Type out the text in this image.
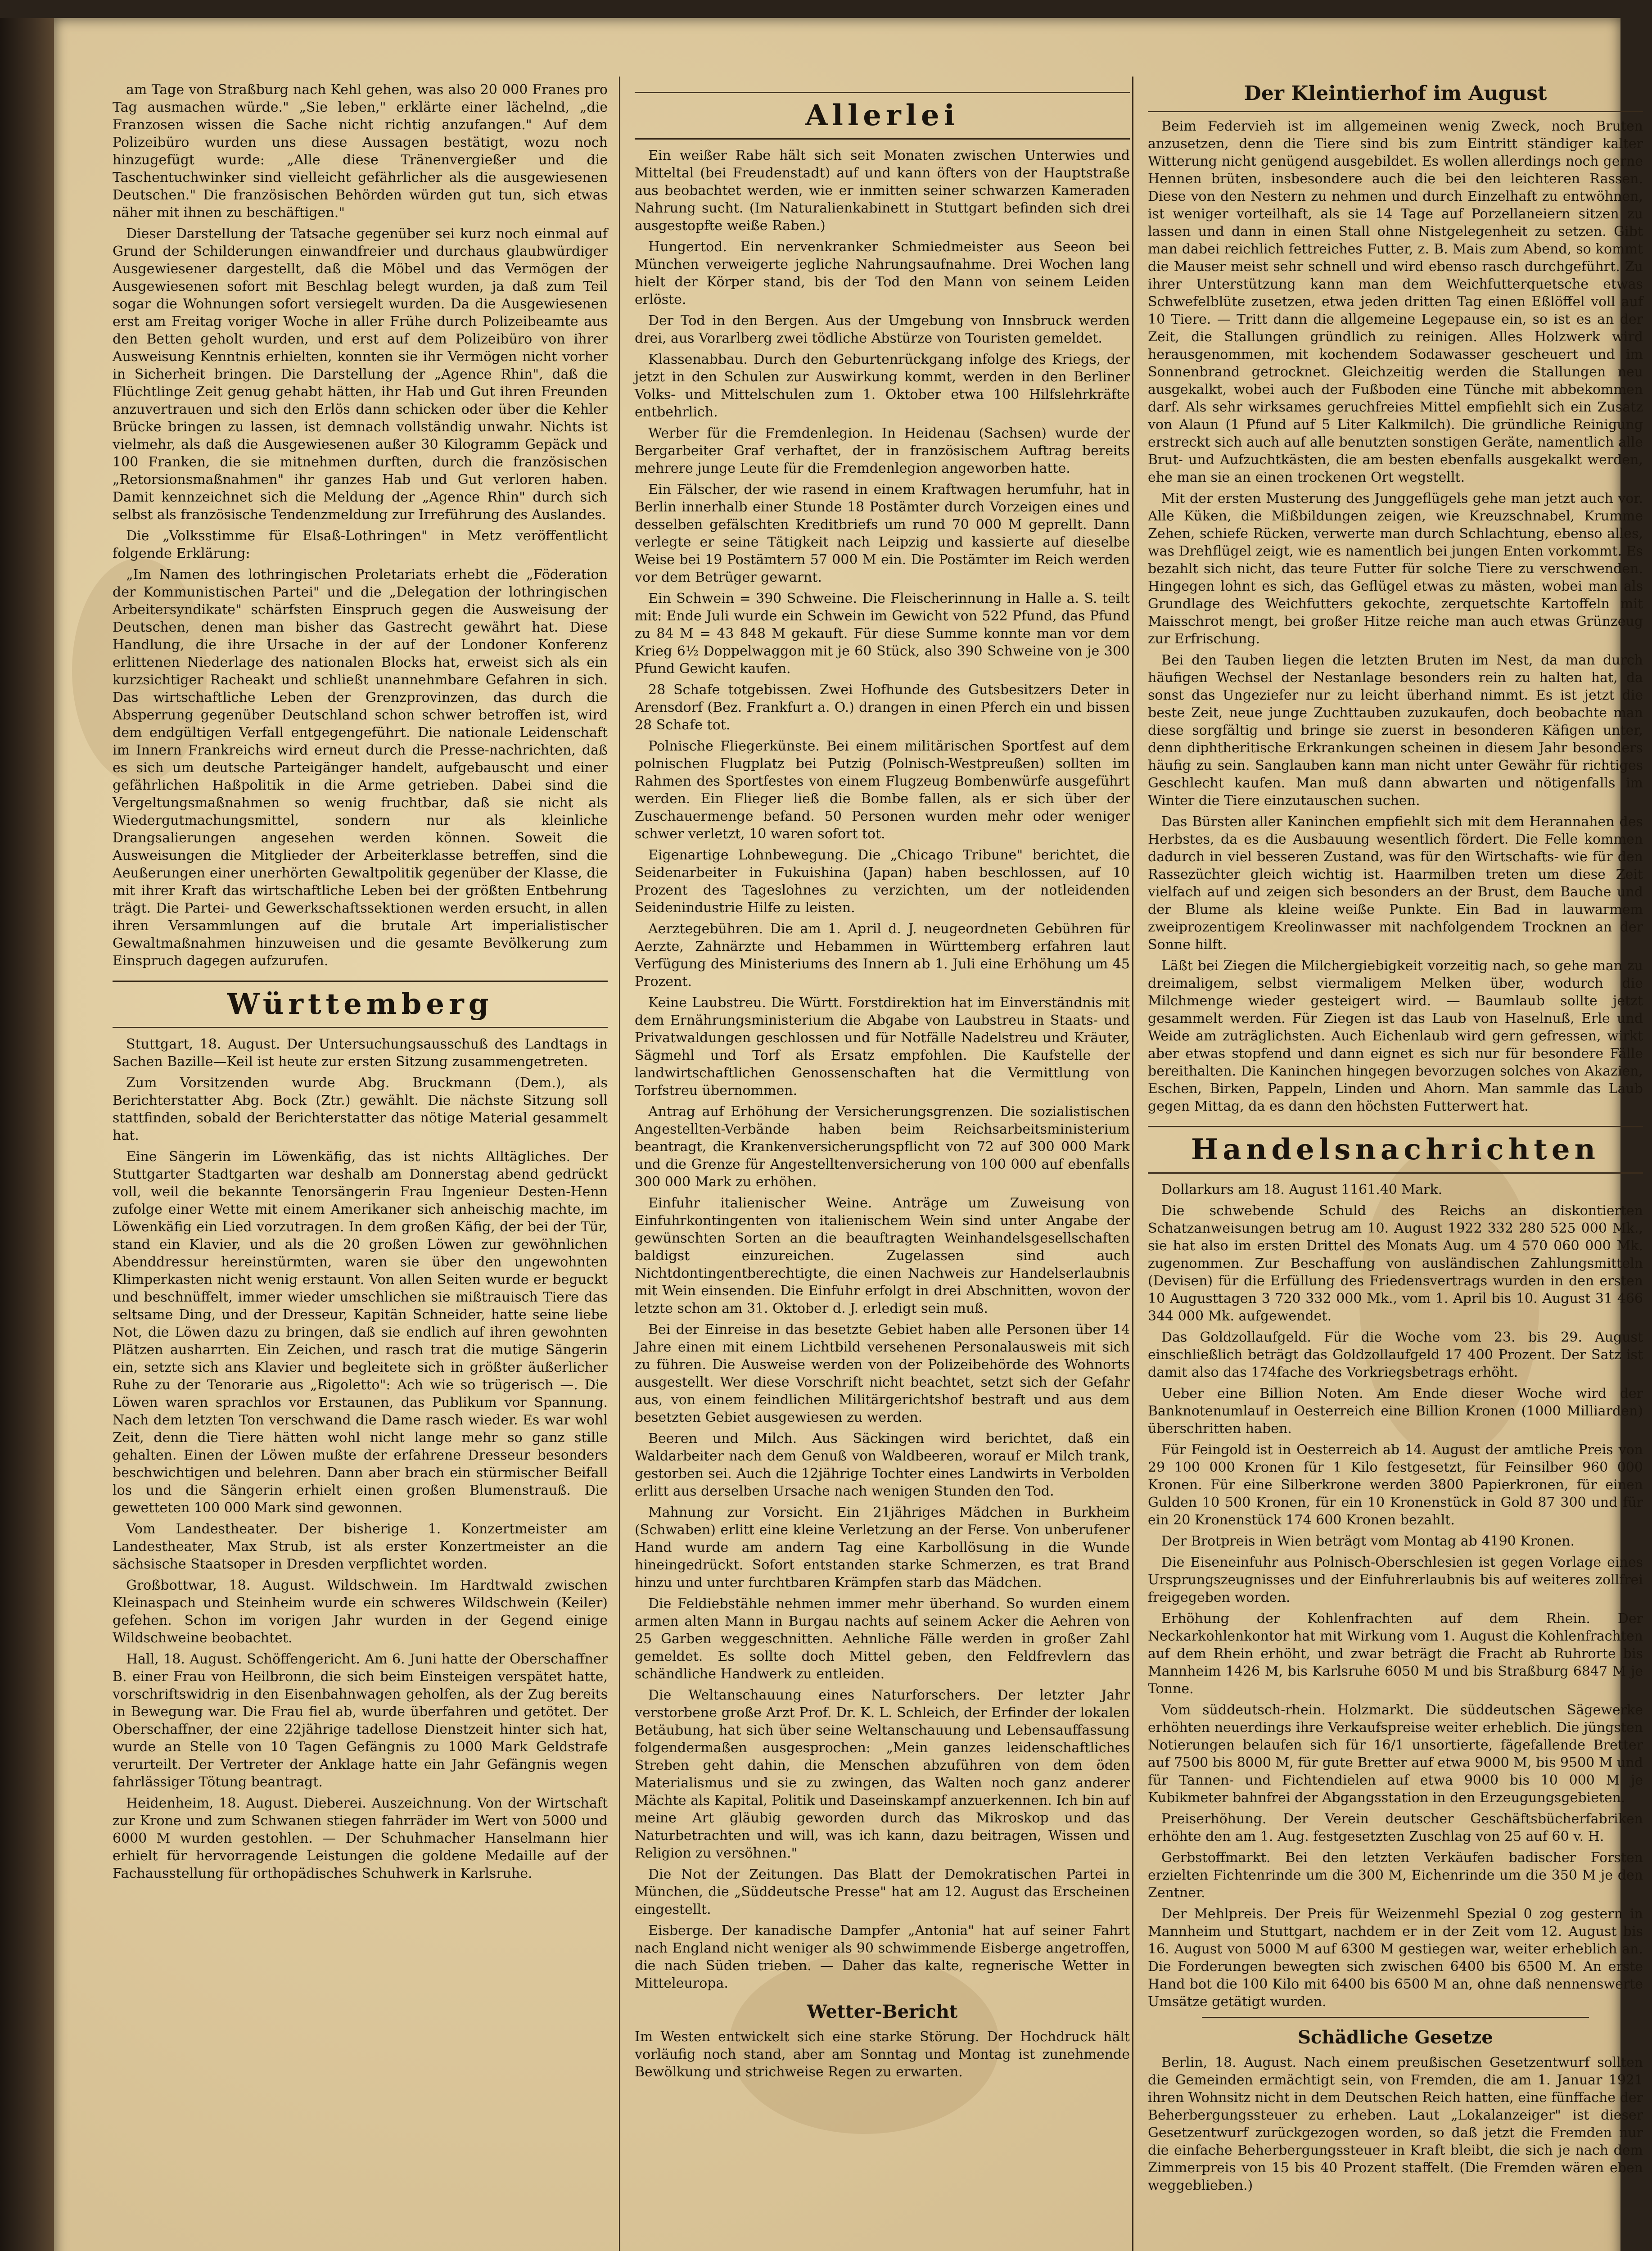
am Tage von Straßburg nach Kehl gehen, was also 20 000 Franes pro Tag ausmachen würde." „Sie leben," erklärte einer lächelnd, „die Franzosen wissen die Sache nicht richtig anzufangen." Auf dem Polizeibüro wurden uns diese Aussagen bestätigt, wozu noch hinzugefügt wurde: „Alle diese Tränenvergießer und die Taschentuchwinker sind vielleicht gefährlicher als die ausgewiesenen Deutschen." Die französischen Behörden würden gut tun, sich etwas näher mit ihnen zu beschäftigen."

Dieser Darstellung der Tatsache gegenüber sei kurz noch einmal auf Grund der Schilderungen einwandfreier und durchaus glaubwürdiger Ausgewiesener dargestellt, daß die Möbel und das Vermögen der Ausgewiesenen sofort mit Beschlag belegt wurden, ja daß zum Teil sogar die Wohnungen sofort versiegelt wurden. Da die Ausgewiesenen erst am Freitag voriger Woche in aller Frühe durch Polizeibeamte aus den Betten geholt wurden, und erst auf dem Polizeibüro von ihrer Ausweisung Kenntnis erhielten, konnten sie ihr Vermögen nicht vorher in Sicherheit bringen. Die Darstellung der „Agence Rhin", daß die Flüchtlinge Zeit genug gehabt hätten, ihr Hab und Gut ihren Freunden anzuvertrauen und sich den Erlös dann schicken oder über die Kehler Brücke bringen zu lassen, ist demnach vollständig unwahr. Nichts ist vielmehr, als daß die Ausgewiesenen außer 30 Kilogramm Gepäck und 100 Franken, die sie mitnehmen durften, durch die französischen „Retorsionsmaßnahmen" ihr ganzes Hab und Gut verloren haben. Damit kennzeichnet sich die Meldung der „Agence Rhin" durch sich selbst als französische Tendenzmeldung zur Irreführung des Auslandes.

Die „Volksstimme für Elsaß-Lothringen" in Metz veröffentlicht folgende Erklärung:

„Im Namen des lothringischen Proletariats erhebt die „Föderation der Kommunistischen Partei" und die „Delegation der lothringischen Arbeitersyndikate" schärfsten Einspruch gegen die Ausweisung der Deutschen, denen man bisher das Gastrecht gewährt hat. Diese Handlung, die ihre Ursache in der auf der Londoner Konferenz erlittenen Niederlage des nationalen Blocks hat, erweist sich als ein kurzsichtiger Racheakt und schließt unannehmbare Gefahren in sich. Das wirtschaftliche Leben der Grenzprovinzen, das durch die Absperrung gegenüber Deutschland schon schwer betroffen ist, wird dem endgültigen Verfall entgegengeführt. Die nationale Leidenschaft im Innern Frankreichs wird erneut durch die Presse-nachrichten, daß es sich um deutsche Parteigänger handelt, aufgebauscht und einer gefährlichen Haßpolitik in die Arme getrieben. Dabei sind die Vergeltungsmaßnahmen so wenig fruchtbar, daß sie nicht als Wiedergutmachungsmittel, sondern nur als kleinliche Drangsalierungen angesehen werden können. Soweit die Ausweisungen die Mitglieder der Arbeiterklasse betreffen, sind die Aeußerungen einer unerhörten Gewaltpolitik gegenüber der Klasse, die mit ihrer Kraft das wirtschaftliche Leben bei der größten Entbehrung trägt. Die Partei- und Gewerkschaftssektionen werden ersucht, in allen ihren Versammlungen auf die brutale Art imperialistischer Gewaltmaßnahmen hinzuweisen und die gesamte Bevölkerung zum Einspruch dagegen aufzurufen.

Württemberg

Stuttgart, 18. August. Der Untersuchungsausschuß des Landtags in Sachen Bazille—Keil ist heute zur ersten Sitzung zusammengetreten.

Zum Vorsitzenden wurde Abg. Bruckmann (Dem.), als Berichterstatter Abg. Bock (Ztr.) gewählt. Die nächste Sitzung soll stattfinden, sobald der Berichterstatter das nötige Material gesammelt hat.

Eine Sängerin im Löwenkäfig, das ist nichts Alltägliches. Der Stuttgarter Stadtgarten war deshalb am Donnerstag abend gedrückt voll, weil die bekannte Tenorsängerin Frau Ingenieur Desten-Henn zufolge einer Wette mit einem Amerikaner sich anheischig machte, im Löwenkäfig ein Lied vorzutragen. In dem großen Käfig, der bei der Tür, stand ein Klavier, und als die 20 großen Löwen zur gewöhnlichen Abenddressur hereinstürmten, waren sie über den ungewohnten Klimperkasten nicht wenig erstaunt. Von allen Seiten wurde er beguckt und beschnüffelt, immer wieder umschlichen sie mißtrauisch Tiere das seltsame Ding, und der Dresseur, Kapitän Schneider, hatte seine liebe Not, die Löwen dazu zu bringen, daß sie endlich auf ihren gewohnten Plätzen ausharrten. Ein Zeichen, und rasch trat die mutige Sängerin ein, setzte sich ans Klavier und begleitete sich in größter äußerlicher Ruhe zu der Tenorarie aus „Rigoletto": Ach wie so trügerisch —. Die Löwen waren sprachlos vor Erstaunen, das Publikum vor Spannung. Nach dem letzten Ton verschwand die Dame rasch wieder. Es war wohl Zeit, denn die Tiere hätten wohl nicht lange mehr so ganz stille gehalten. Einen der Löwen mußte der erfahrene Dresseur besonders beschwichtigen und belehren. Dann aber brach ein stürmischer Beifall los und die Sängerin erhielt einen großen Blumenstrauß. Die gewetteten 100 000 Mark sind gewonnen.

Vom Landestheater. Der bisherige 1. Konzertmeister am Landestheater, Max Strub, ist als erster Konzertmeister an die sächsische Staatsoper in Dresden verpflichtet worden.

Großbottwar, 18. August. Wildschwein. Im Hardtwald zwischen Kleinaspach und Steinheim wurde ein schweres Wildschwein (Keiler) gefehen. Schon im vorigen Jahr wurden in der Gegend einige Wildschweine beobachtet.

Hall, 18. August. Schöffengericht. Am 6. Juni hatte der Oberschaffner B. einer Frau von Heilbronn, die sich beim Einsteigen verspätet hatte, vorschriftswidrig in den Eisenbahnwagen geholfen, als der Zug bereits in Bewegung war. Die Frau fiel ab, wurde überfahren und getötet. Der Oberschaffner, der eine 22jährige tadellose Dienstzeit hinter sich hat, wurde an Stelle von 10 Tagen Gefängnis zu 1000 Mark Geldstrafe verurteilt. Der Vertreter der Anklage hatte ein Jahr Gefängnis wegen fahrlässiger Tötung beantragt.

Heidenheim, 18. August. Dieberei. Auszeichnung. Von der Wirtschaft zur Krone und zum Schwanen stiegen fahrräder im Wert von 5000 und 6000 M wurden gestohlen. — Der Schuhmacher Hanselmann hier erhielt für hervorragende Leistungen die goldene Medaille auf der Fachausstellung für orthopädisches Schuhwerk in Karlsruhe.

Allerlei

Ein weißer Rabe hält sich seit Monaten zwischen Unterwies und Mitteltal (bei Freudenstadt) auf und kann öfters von der Hauptstraße aus beobachtet werden, wie er inmitten seiner schwarzen Kameraden Nahrung sucht. (Im Naturalienkabinett in Stuttgart befinden sich drei ausgestopfte weiße Raben.)

Hungertod. Ein nervenkranker Schmiedmeister aus Seeon bei München verweigerte jegliche Nahrungsaufnahme. Drei Wochen lang hielt der Körper stand, bis der Tod den Mann von seinem Leiden erlöste.

Der Tod in den Bergen. Aus der Umgebung von Innsbruck werden drei, aus Vorarlberg zwei tödliche Abstürze von Touristen gemeldet.

Klassenabbau. Durch den Geburtenrückgang infolge des Kriegs, der jetzt in den Schulen zur Auswirkung kommt, werden in den Berliner Volks- und Mittelschulen zum 1. Oktober etwa 100 Hilfslehrkräfte entbehrlich.

Werber für die Fremdenlegion. In Heidenau (Sachsen) wurde der Bergarbeiter Graf verhaftet, der in französischem Auftrag bereits mehrere junge Leute für die Fremdenlegion angeworben hatte.

Ein Fälscher, der wie rasend in einem Kraftwagen herumfuhr, hat in Berlin innerhalb einer Stunde 18 Postämter durch Vorzeigen eines und desselben gefälschten Kreditbriefs um rund 70 000 M geprellt. Dann verlegte er seine Tätigkeit nach Leipzig und kassierte auf dieselbe Weise bei 19 Postämtern 57 000 M ein. Die Postämter im Reich werden vor dem Betrüger gewarnt.

Ein Schwein = 390 Schweine. Die Fleischerinnung in Halle a. S. teilt mit: Ende Juli wurde ein Schwein im Gewicht von 522 Pfund, das Pfund zu 84 M = 43 848 M gekauft. Für diese Summe konnte man vor dem Krieg 6½ Doppelwaggon mit je 60 Stück, also 390 Schweine von je 300 Pfund Gewicht kaufen.

28 Schafe totgebissen. Zwei Hofhunde des Gutsbesitzers Deter in Arensdorf (Bez. Frankfurt a. O.) drangen in einen Pferch ein und bissen 28 Schafe tot.

Polnische Fliegerkünste. Bei einem militärischen Sportfest auf dem polnischen Flugplatz bei Putzig (Polnisch-Westpreußen) sollten im Rahmen des Sportfestes von einem Flugzeug Bombenwürfe ausgeführt werden. Ein Flieger ließ die Bombe fallen, als er sich über der Zuschauermenge befand. 50 Personen wurden mehr oder weniger schwer verletzt, 10 waren sofort tot.

Eigenartige Lohnbewegung. Die „Chicago Tribune" berichtet, die Seidenarbeiter in Fukuishina (Japan) haben beschlossen, auf 10 Prozent des Tageslohnes zu verzichten, um der notleidenden Seidenindustrie Hilfe zu leisten.

Aerztegebühren. Die am 1. April d. J. neugeordneten Gebühren für Aerzte, Zahnärzte und Hebammen in Württemberg erfahren laut Verfügung des Ministeriums des Innern ab 1. Juli eine Erhöhung um 45 Prozent.

Keine Laubstreu. Die Württ. Forstdirektion hat im Einverständnis mit dem Ernährungsministerium die Abgabe von Laubstreu in Staats- und Privatwaldungen geschlossen und für Notfälle Nadelstreu und Kräuter, Sägmehl und Torf als Ersatz empfohlen. Die Kaufstelle der landwirtschaftlichen Genossenschaften hat die Vermittlung von Torfstreu übernommen.

Antrag auf Erhöhung der Versicherungsgrenzen. Die sozialistischen Angestellten-Verbände haben beim Reichsarbeitsministerium beantragt, die Krankenversicherungspflicht von 72 auf 300 000 Mark und die Grenze für Angestelltenversicherung von 100 000 auf ebenfalls 300 000 Mark zu erhöhen.

Einfuhr italienischer Weine. Anträge um Zuweisung von Einfuhrkontingenten von italienischem Wein sind unter Angabe der gewünschten Sorten an die beauftragten Weinhandelsgesellschaften baldigst einzureichen. Zugelassen sind auch Nichtdontingentberechtigte, die einen Nachweis zur Handelserlaubnis mit Wein einsenden. Die Einfuhr erfolgt in drei Abschnitten, wovon der letzte schon am 31. Oktober d. J. erledigt sein muß.

Bei der Einreise in das besetzte Gebiet haben alle Personen über 14 Jahre einen mit einem Lichtbild versehenen Personalausweis mit sich zu führen. Die Ausweise werden von der Polizeibehörde des Wohnorts ausgestellt. Wer diese Vorschrift nicht beachtet, setzt sich der Gefahr aus, von einem feindlichen Militärgerichtshof bestraft und aus dem besetzten Gebiet ausgewiesen zu werden.

Beeren und Milch. Aus Säckingen wird berichtet, daß ein Waldarbeiter nach dem Genuß von Waldbeeren, worauf er Milch trank, gestorben sei. Auch die 12jährige Tochter eines Landwirts in Verbolden erlitt aus derselben Ursache nach wenigen Stunden den Tod.

Mahnung zur Vorsicht. Ein 21jähriges Mädchen in Burkheim (Schwaben) erlitt eine kleine Verletzung an der Ferse. Von unberufener Hand wurde am andern Tag eine Karbollösung in die Wunde hineingedrückt. Sofort entstanden starke Schmerzen, es trat Brand hinzu und unter furchtbaren Krämpfen starb das Mädchen.

Die Feldiebstähle nehmen immer mehr überhand. So wurden einem armen alten Mann in Burgau nachts auf seinem Acker die Aehren von 25 Garben weggeschnitten. Aehnliche Fälle werden in großer Zahl gemeldet. Es sollte doch Mittel geben, den Feldfrevlern das schändliche Handwerk zu entleiden.

Die Weltanschauung eines Naturforschers. Der letzter Jahr verstorbene große Arzt Prof. Dr. K. L. Schleich, der Erfinder der lokalen Betäubung, hat sich über seine Weltanschauung und Lebensauffassung folgendermaßen ausgesprochen: „Mein ganzes leidenschaftliches Streben geht dahin, die Menschen abzuführen von dem öden Materialismus und sie zu zwingen, das Walten noch ganz anderer Mächte als Kapital, Politik und Daseinskampf anzuerkennen. Ich bin auf meine Art gläubig geworden durch das Mikroskop und das Naturbetrachten und will, was ich kann, dazu beitragen, Wissen und Religion zu versöhnen."

Die Not der Zeitungen. Das Blatt der Demokratischen Partei in München, die „Süddeutsche Presse" hat am 12. August das Erscheinen eingestellt.

Eisberge. Der kanadische Dampfer „Antonia" hat auf seiner Fahrt nach England nicht weniger als 90 schwimmende Eisberge angetroffen, die nach Süden trieben. — Daher das kalte, regnerische Wetter in Mitteleuropa.

Wetter-Bericht

Im Westen entwickelt sich eine starke Störung. Der Hochdruck hält vorläufig noch stand, aber am Sonntag und Montag ist zunehmende Bewölkung und strichweise Regen zu erwarten.

Der Kleintierhof im August

Beim Federvieh ist im allgemeinen wenig Zweck, noch Bruten anzusetzen, denn die Tiere sind bis zum Eintritt ständiger kalter Witterung nicht genügend ausgebildet. Es wollen allerdings noch gerne Hennen brüten, insbesondere auch die bei den leichteren Rassen. Diese von den Nestern zu nehmen und durch Einzelhaft zu entwöhnen, ist weniger vorteilhaft, als sie 14 Tage auf Porzellaneiern sitzen zu lassen und dann in einen Stall ohne Nistgelegenheit zu setzen. Gibt man dabei reichlich fettreiches Futter, z. B. Mais zum Abend, so kommt die Mauser meist sehr schnell und wird ebenso rasch durchgeführt. Zu ihrer Unterstützung kann man dem Weichfutterquetsche etwas Schwefelblüte zusetzen, etwa jeden dritten Tag einen Eßlöffel voll auf 10 Tiere. — Tritt dann die allgemeine Legepause ein, so ist es an der Zeit, die Stallungen gründlich zu reinigen. Alles Holzwerk wird herausgenommen, mit kochendem Sodawasser gescheuert und im Sonnenbrand getrocknet. Gleichzeitig werden die Stallungen neu ausgekalkt, wobei auch der Fußboden eine Tünche mit abbekommen darf. Als sehr wirksames geruchfreies Mittel empfiehlt sich ein Zusatz von Alaun (1 Pfund auf 5 Liter Kalkmilch). Die gründliche Reinigung erstreckt sich auch auf alle benutzten sonstigen Geräte, namentlich alle Brut- und Aufzuchtkästen, die am besten ebenfalls ausgekalkt werden, ehe man sie an einen trockenen Ort wegstellt.

Mit der ersten Musterung des Junggeflügels gehe man jetzt auch vor. Alle Küken, die Mißbildungen zeigen, wie Kreuzschnabel, Krumme Zehen, schiefe Rücken, verwerte man durch Schlachtung, ebenso alles, was Drehflügel zeigt, wie es namentlich bei jungen Enten vorkommt. Es bezahlt sich nicht, das teure Futter für solche Tiere zu verschwenden. Hingegen lohnt es sich, das Geflügel etwas zu mästen, wobei man als Grundlage des Weichfutters gekochte, zerquetschte Kartoffeln mit Maisschrot mengt, bei großer Hitze reiche man auch etwas Grünzeug zur Erfrischung.

Bei den Tauben liegen die letzten Bruten im Nest, da man durch häufigen Wechsel der Nestanlage besonders rein zu halten hat, da sonst das Ungeziefer nur zu leicht überhand nimmt. Es ist jetzt die beste Zeit, neue junge Zuchttauben zuzukaufen, doch beobachte man diese sorgfältig und bringe sie zuerst in besonderen Käfigen unter, denn diphtheritische Erkrankungen scheinen in diesem Jahr besonders häufig zu sein. Sanglauben kann man nicht unter Gewähr für richtiges Geschlecht kaufen. Man muß dann abwarten und nötigenfalls im Winter die Tiere einzutauschen suchen.

Das Bürsten aller Kaninchen empfiehlt sich mit dem Herannahen des Herbstes, da es die Ausbauung wesentlich fördert. Die Felle kommen dadurch in viel besseren Zustand, was für den Wirtschafts- wie für den Rassezüchter gleich wichtig ist. Haarmilben treten um diese Zeit vielfach auf und zeigen sich besonders an der Brust, dem Bauche und der Blume als kleine weiße Punkte. Ein Bad in lauwarmem zweiprozentigem Kreolinwasser mit nachfolgendem Trocknen an der Sonne hilft.

Läßt bei Ziegen die Milchergiebigkeit vorzeitig nach, so gehe man zu dreimaligem, selbst viermaligem Melken über, wodurch die Milchmenge wieder gesteigert wird. — Baumlaub sollte jetzt gesammelt werden. Für Ziegen ist das Laub von Haselnuß, Erle und Weide am zuträglichsten. Auch Eichenlaub wird gern gefressen, wirkt aber etwas stopfend und dann eignet es sich nur für besondere Fälle bereithalten. Die Kaninchen hingegen bevorzugen solches von Akazien, Eschen, Birken, Pappeln, Linden und Ahorn. Man sammle das Laub gegen Mittag, da es dann den höchsten Futterwert hat.

Handelsnachrichten

Dollarkurs am 18. August 1161.40 Mark.

Die schwebende Schuld des Reichs an diskontierten Schatzanweisungen betrug am 10. August 1922 332 280 525 000 Mk., sie hat also im ersten Drittel des Monats Aug. um 4 570 060 000 Mk. zugenommen. Zur Beschaffung von ausländischen Zahlungsmitteln (Devisen) für die Erfüllung des Friedensvertrags wurden in den ersten 10 Augusttagen 3 720 332 000 Mk., vom 1. April bis 10. August 31 466 344 000 Mk. aufgewendet.

Das Goldzollaufgeld. Für die Woche vom 23. bis 29. August einschließlich beträgt das Goldzollaufgeld 17 400 Prozent. Der Satz ist damit also das 174fache des Vorkriegsbetrags erhöht.

Ueber eine Billion Noten. Am Ende dieser Woche wird der Banknotenumlauf in Oesterreich eine Billion Kronen (1000 Milliarden) überschritten haben.

Für Feingold ist in Oesterreich ab 14. August der amtliche Preis von 29 100 000 Kronen für 1 Kilo festgesetzt, für Feinsilber 960 000 Kronen. Für eine Silberkrone werden 3800 Papierkronen, für einen Gulden 10 500 Kronen, für ein 10 Kronenstück in Gold 87 300 und für ein 20 Kronenstück 174 600 Kronen bezahlt.

Der Brotpreis in Wien beträgt vom Montag ab 4190 Kronen.

Die Eiseneinfuhr aus Polnisch-Oberschlesien ist gegen Vorlage eines Ursprungszeugnisses und der Einfuhrerlaubnis bis auf weiteres zollfrei freigegeben worden.

Erhöhung der Kohlenfrachten auf dem Rhein. Der Neckarkohlenkontor hat mit Wirkung vom 1. August die Kohlenfrachten auf dem Rhein erhöht, und zwar beträgt die Fracht ab Ruhrorte bis Mannheim 1426 M, bis Karlsruhe 6050 M und bis Straßburg 6847 M je Tonne.

Vom süddeutsch-rhein. Holzmarkt. Die süddeutschen Sägewerke erhöhten neuerdings ihre Verkaufspreise weiter erheblich. Die jüngsten Notierungen belaufen sich für 16/1 unsortierte, fägefallende Bretter auf 7500 bis 8000 M, für gute Bretter auf etwa 9000 M, bis 9500 M und für Tannen- und Fichtendielen auf etwa 9000 bis 10 000 M je Kubikmeter bahnfrei der Abgangsstation in den Erzeugungsgebieten.

Preiserhöhung. Der Verein deutscher Geschäftsbücherfabriken erhöhte den am 1. Aug. festgesetzten Zuschlag von 25 auf 60 v. H.

Gerbstoffmarkt. Bei den letzten Verkäufen badischer Forsten erzielten Fichtenrinde um die 300 M, Eichenrinde um die 350 M je den Zentner.

Der Mehlpreis. Der Preis für Weizenmehl Spezial 0 zog gestern in Mannheim und Stuttgart, nachdem er in der Zeit vom 12. August bis 16. August von 5000 M auf 6300 M gestiegen war, weiter erheblich an. Die Forderungen bewegten sich zwischen 6400 bis 6500 M. An erste Hand bot die 100 Kilo mit 6400 bis 6500 M an, ohne daß nennenswerte Umsätze getätigt wurden.

Schädliche Gesetze

Berlin, 18. August. Nach einem preußischen Gesetzentwurf sollten die Gemeinden ermächtigt sein, von Fremden, die am 1. Januar 1921 ihren Wohnsitz nicht in dem Deutschen Reich hatten, eine fünffache der Beherbergungssteuer zu erheben. Laut „Lokalanzeiger" ist dieser Gesetzentwurf zurückgezogen worden, so daß jetzt die Fremden nur die einfache Beherbergungssteuer in Kraft bleibt, die sich je nach dem Zimmerpreis von 15 bis 40 Prozent staffelt. (Die Fremden wären eben weggeblieben.)
